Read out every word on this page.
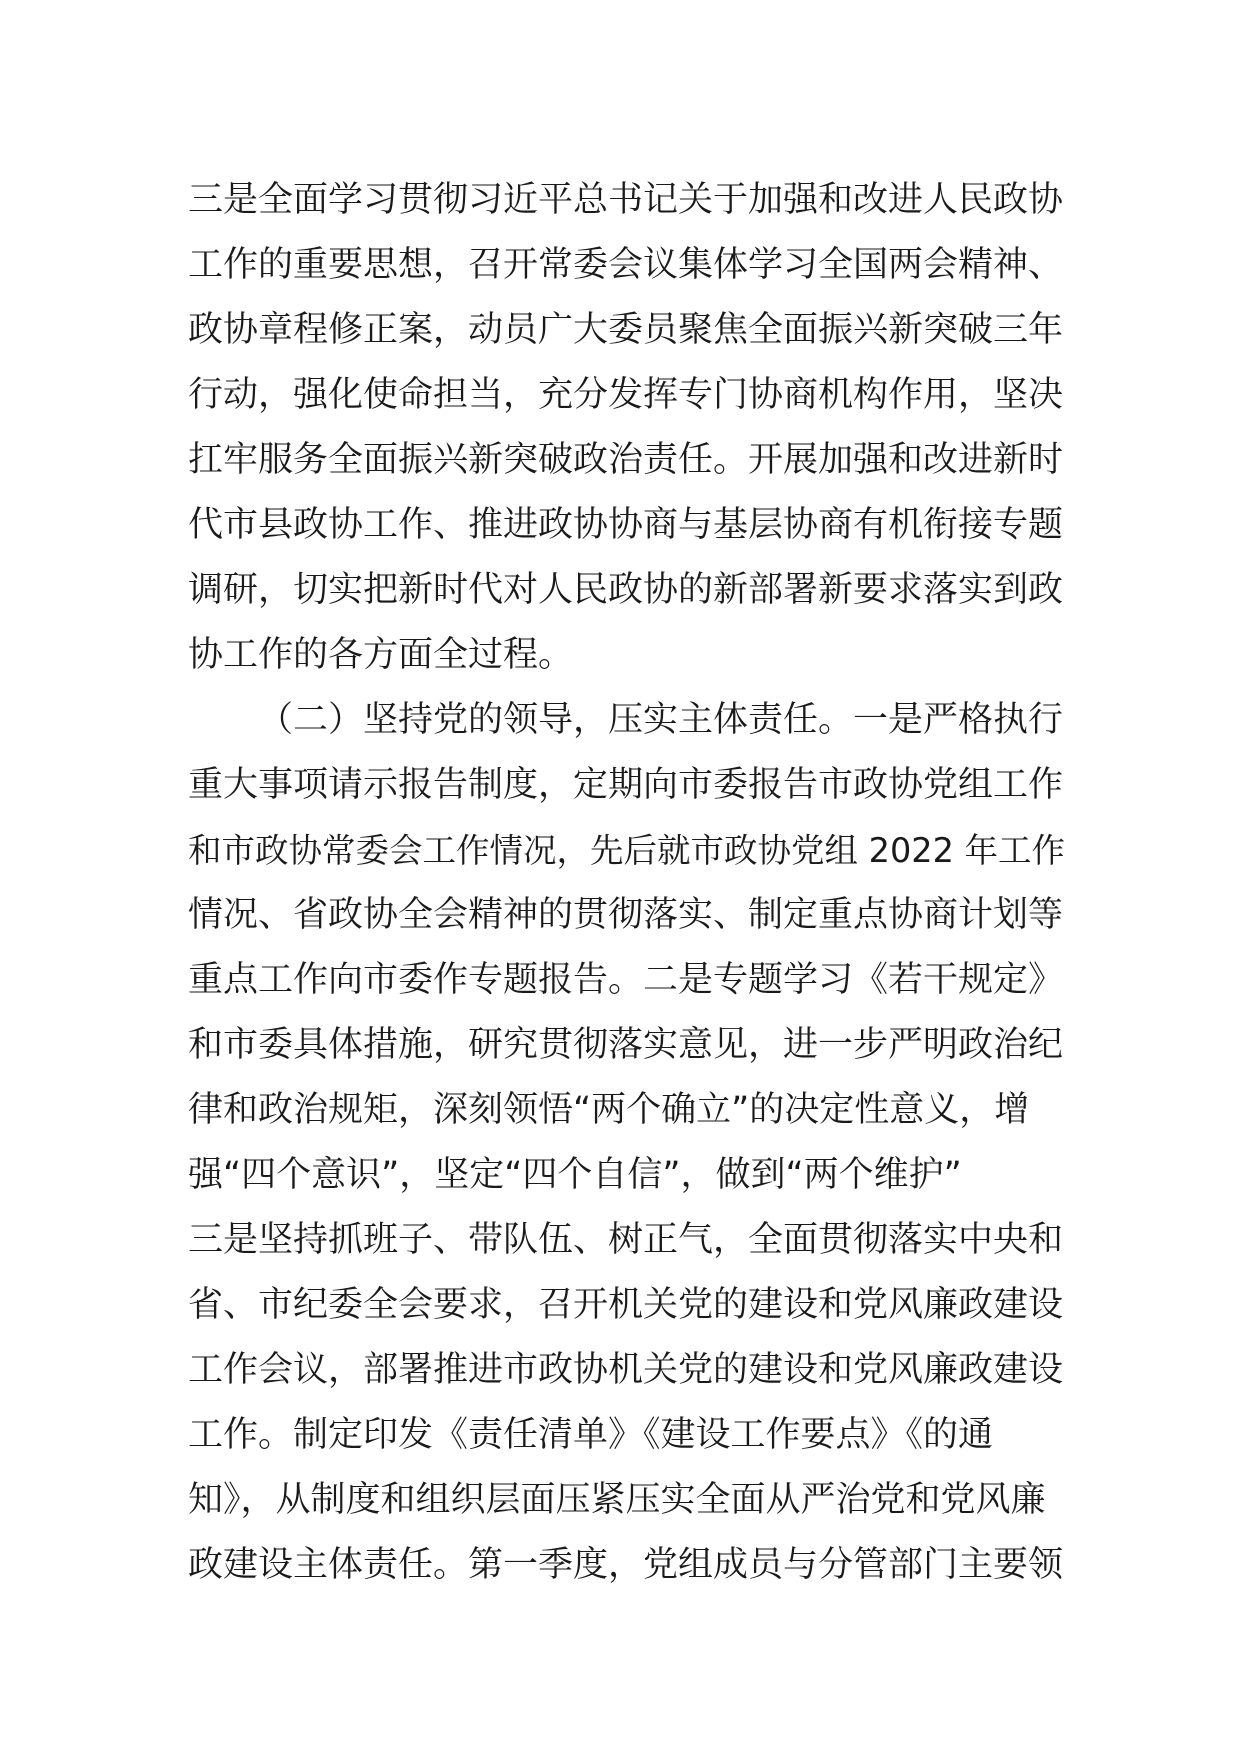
三是全面学习贯彻习近平总书记关于加强和改进人民政协
工作的重要思想，召开常委会议集体学习全国两会精神、
政协章程修正案，动员广大委员聚焦全面振兴新突破三年
行动，强化使命担当，充分发挥专门协商机构作用，坚决
扛牢服务全面振兴新突破政治责任。开展加强和改进新时
代市县政协工作、推进政协协商与基层协商有机衔接专题
调研，切实把新时代对人民政协的新部署新要求落实到政
协工作的各方面全过程。
（二）坚持党的领导，压实主体责任。一是严格执行
重大事项请示报告制度，定期向市委报告市政协党组工作
和市政协常委会工作情况，先后就市政协党组 2022 年工作
情况、省政协全会精神的贯彻落实、制定重点协商计划等
重点工作向市委作专题报告。二是专题学习《若干规定》
和市委具体措施，研究贯彻落实意见，进一步严明政治纪
律和政治规矩，深刻领悟“两个确立”的决定性意义，增
强“四个意识”，坚定“四个自信”，做到“两个维护”
三是坚持抓班子、带队伍、树正气，全面贯彻落实中央和
省、市纪委全会要求，召开机关党的建设和党风廉政建设
工作会议，部署推进市政协机关党的建设和党风廉政建设
工作。制定印发《责任清单》《建设工作要点》《的通
知》，从制度和组织层面压紧压实全面从严治党和党风廉
政建设主体责任。第一季度，党组成员与分管部门主要领
